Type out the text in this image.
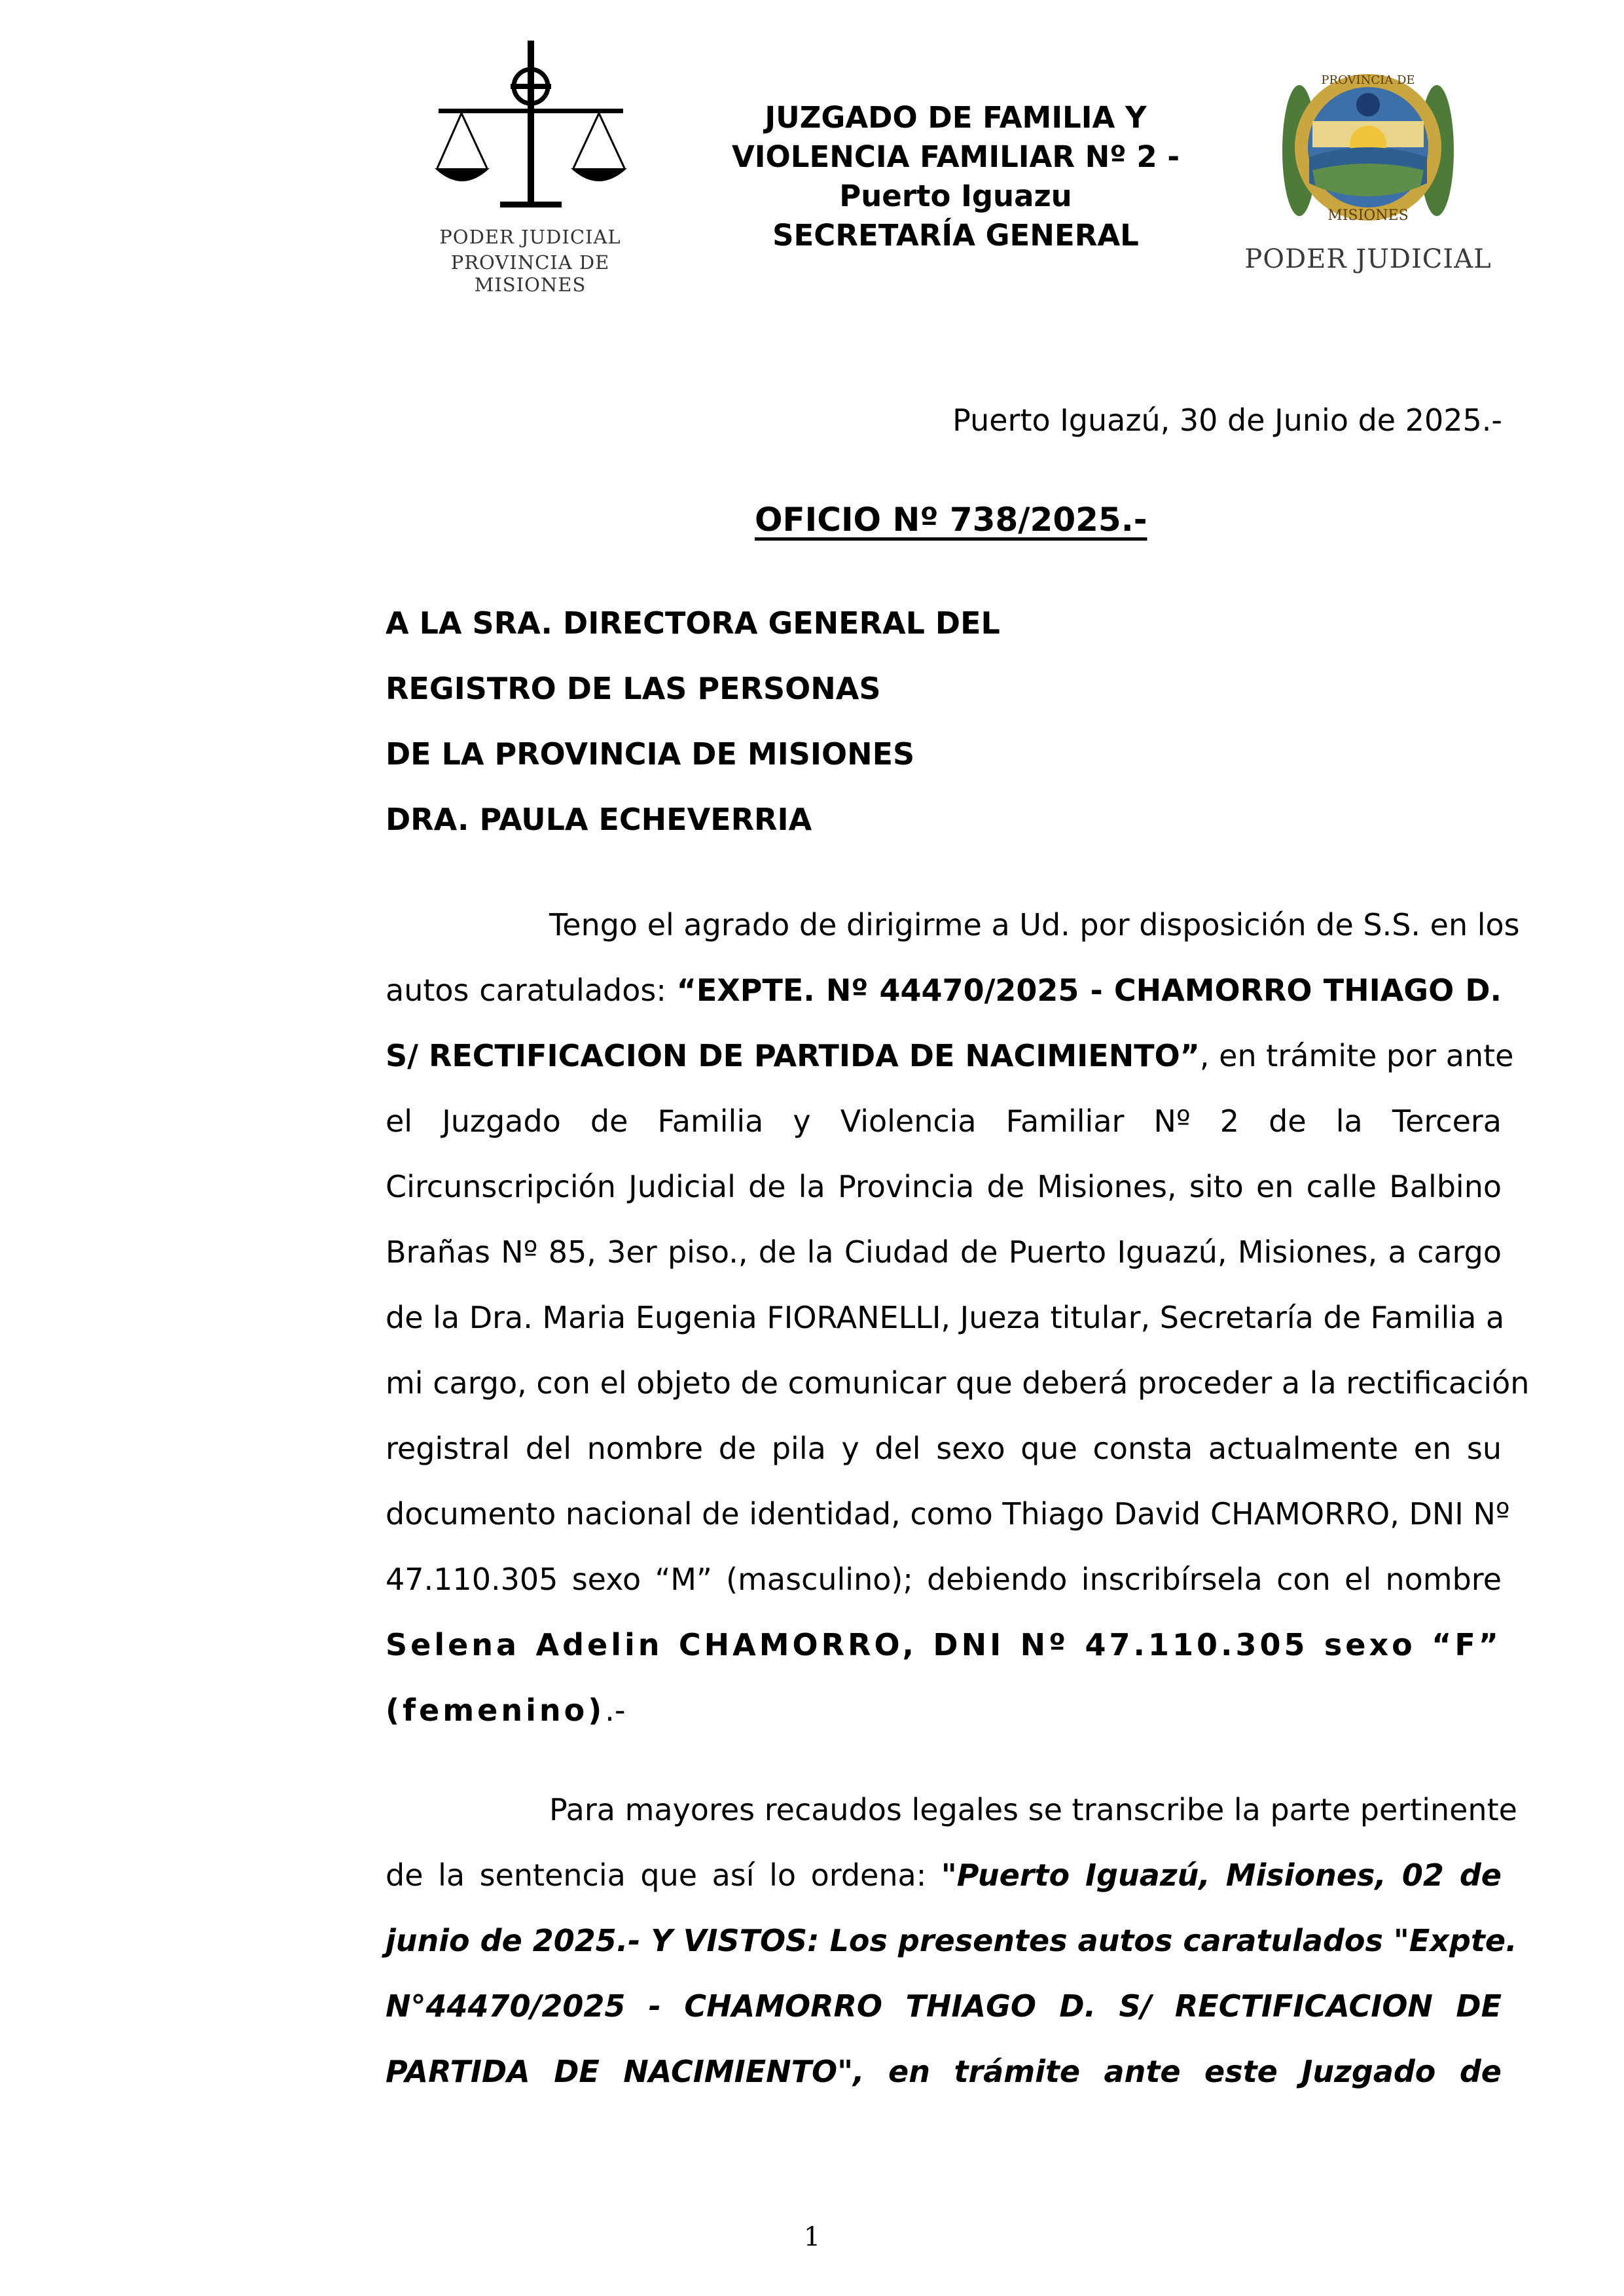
PODER JUDICIAL
PROVINCIA DE MISIONES
JUZGADO DE FAMILIA Y
VIOLENCIA FAMILIAR Nº 2 -
Puerto Iguazu
SECRETARÍA GENERAL
PROVINCIA DE
MISIONES
PODER JUDICIAL
Puerto Iguazú, 30 de Junio de 2025.-
OFICIO Nº 738/2025.-
A LA SRA. DIRECTORA GENERAL DEL
REGISTRO DE LAS PERSONAS
DE LA PROVINCIA DE MISIONES
DRA. PAULA ECHEVERRIA
Tengo el agrado de dirigirme a Ud. por disposición de S.S. en los
autos caratulados: “EXPTE. Nº 44470/2025 - CHAMORRO THIAGO D.
S/ RECTIFICACION DE PARTIDA DE NACIMIENTO”, en trámite por ante
el Juzgado de Familia y Violencia Familiar Nº 2 de la Tercera
Circunscripción Judicial de la Provincia de Misiones, sito en calle Balbino
Brañas Nº 85, 3er piso., de la Ciudad de Puerto Iguazú, Misiones, a cargo
de la Dra. Maria Eugenia FIORANELLI, Jueza titular, Secretaría de Familia a
mi cargo, con el objeto de comunicar que deberá proceder a la rectificación
registral del nombre de pila y del sexo que consta actualmente en su
documento nacional de identidad, como Thiago David CHAMORRO, DNI Nº
47.110.305 sexo “M” (masculino); debiendo inscribírsela con el nombre
Selena Adelin CHAMORRO, DNI Nº 47.110.305 sexo “F”
(femenino).-
Para mayores recaudos legales se transcribe la parte pertinente
de la sentencia que así lo ordena: "Puerto Iguazú, Misiones, 02 de
junio de 2025.- Y VISTOS: Los presentes autos caratulados "Expte.
N°44470/2025 - CHAMORRO THIAGO D. S/ RECTIFICACION DE
PARTIDA DE NACIMIENTO", en trámite ante este Juzgado de
1
